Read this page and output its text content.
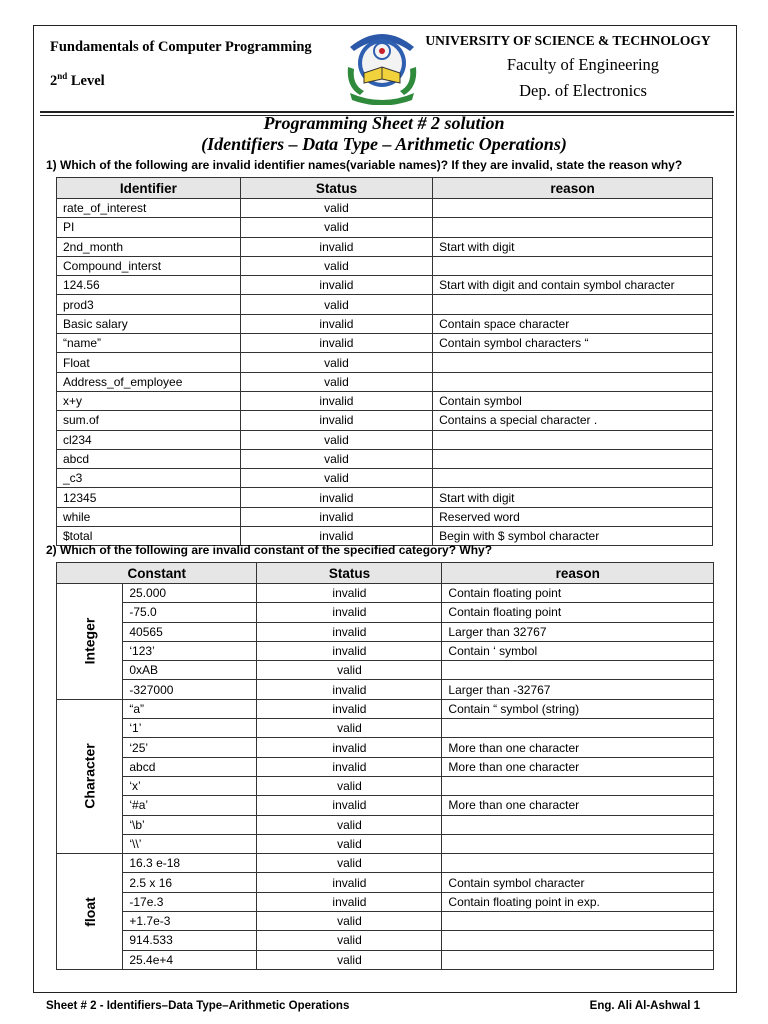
Fundamentals of Computer Programming
2nd Level
UNIVERSITY OF SCIENCE & TECHNOLOGY
Faculty of Engineering
Dep. of Electronics
Programming Sheet # 2 solution
(Identifiers – Data Type – Arithmetic Operations)
1) Which of the following are invalid identifier names(variable names)? If they are invalid, state the reason why?
Identifier	Status	reason
rate_of_interest	valid	
PI	valid	
2nd_month	invalid	Start with digit
Compound_interst	valid	
124.56	invalid	Start with digit and contain symbol character
prod3	valid	
Basic salary	invalid	Contain space character
“name”	invalid	Contain symbol characters “
Float	valid	
Address_of_employee	valid	
x+y	invalid	Contain symbol
sum.of	invalid	Contains a special character .
cl234	valid	
abcd	valid	
_c3	valid	
12345	invalid	Start with digit
while	invalid	Reserved word
$total	invalid	Begin with $ symbol character
2) Which of the following are invalid constant of the specified category? Why?
Constant		Status	reason
Integer	25.000	invalid	Contain floating point
	-75.0	invalid	Contain floating point
	40565	invalid	Larger than 32767
	‘123’	invalid	Contain ‘ symbol
	0xAB	valid	
	-327000	invalid	Larger than -32767
Character	“a”	invalid	Contain “ symbol (string)
	‘1’	valid	
	‘25’	invalid	More than one character
	abcd	invalid	More than one character
	‘x’	valid	
	‘#a’	invalid	More than one character
	‘\b’	valid	
	‘\\’	valid	
float	16.3 e-18	valid	
	2.5 x 16	invalid	Contain symbol character
	-17e.3	invalid	Contain floating point in exp.
	+1.7e-3	valid	
	914.533	valid	
	25.4e+4	valid	
Sheet # 2 - Identifiers–Data Type–Arithmetic Operations	Eng. Ali Al-Ashwal 1
